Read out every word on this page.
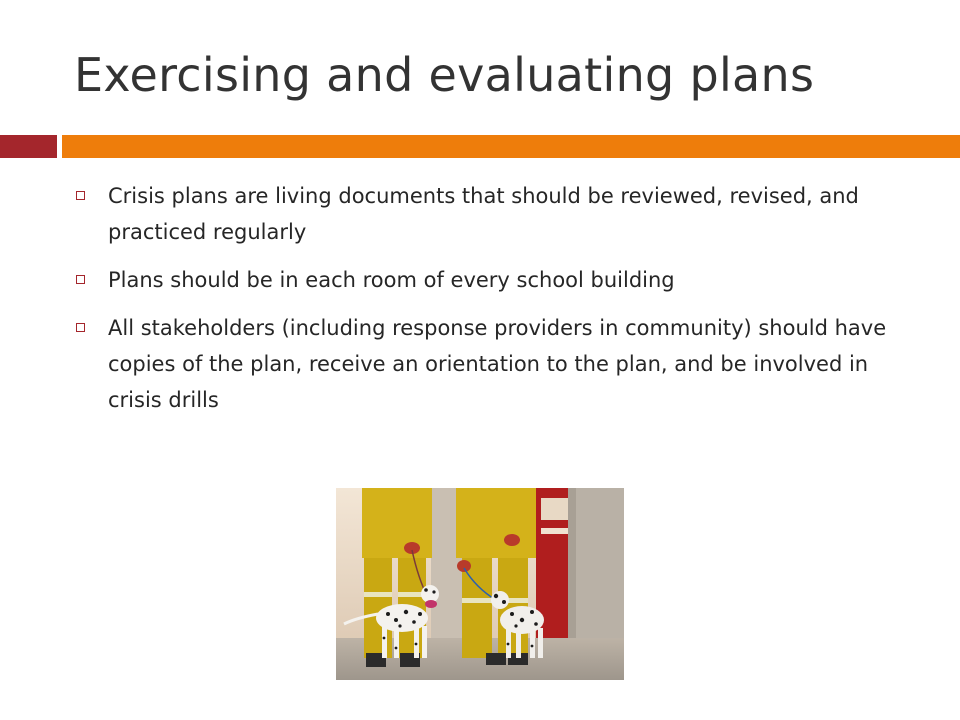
Exercising and evaluating plans
Crisis plans are living documents that should be reviewed, revised, and practiced regularly
Plans should be in each room of every school building
All stakeholders (including response providers in community) should have copies of the plan, receive an orientation to the plan, and be involved in crisis drills
